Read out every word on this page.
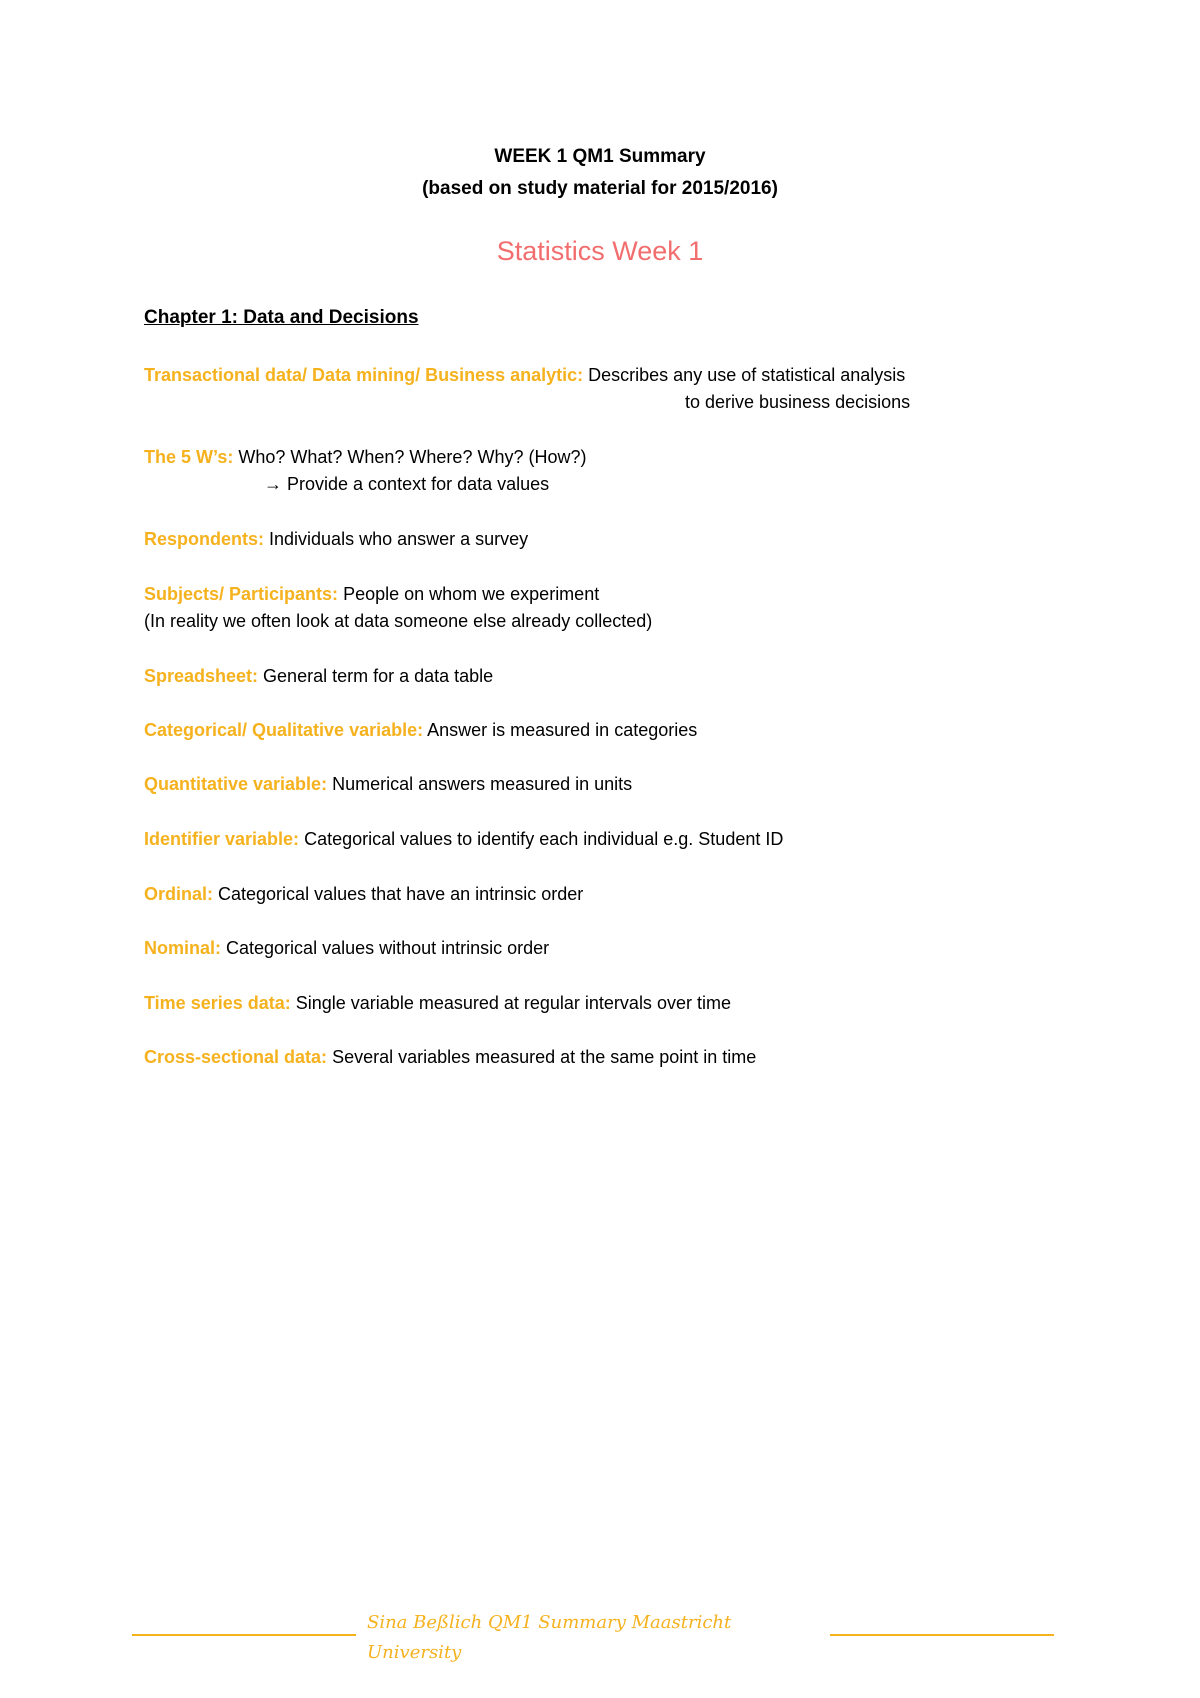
WEEK 1 QM1 Summary
(based on study material for 2015/2016)
Statistics Week 1
Chapter 1: Data and Decisions
Transactional data/ Data mining/ Business analytic: Describes any use of statistical analysis
to derive business decisions
The 5 W’s: Who? What? When? Where? Why? (How?)
→ Provide a context for data values
Respondents: Individuals who answer a survey
Subjects/ Participants: People on whom we experiment
(In reality we often look at data someone else already collected)
Spreadsheet: General term for a data table
Categorical/ Qualitative variable: Answer is measured in categories
Quantitative variable: Numerical answers measured in units
Identifier variable: Categorical values to identify each individual e.g. Student ID
Ordinal: Categorical values that have an intrinsic order
Nominal: Categorical values without intrinsic order
Time series data: Single variable measured at regular intervals over time
Cross-sectional data: Several variables measured at the same point in time
Sina Beßlich QM1 Summary Maastricht
University
